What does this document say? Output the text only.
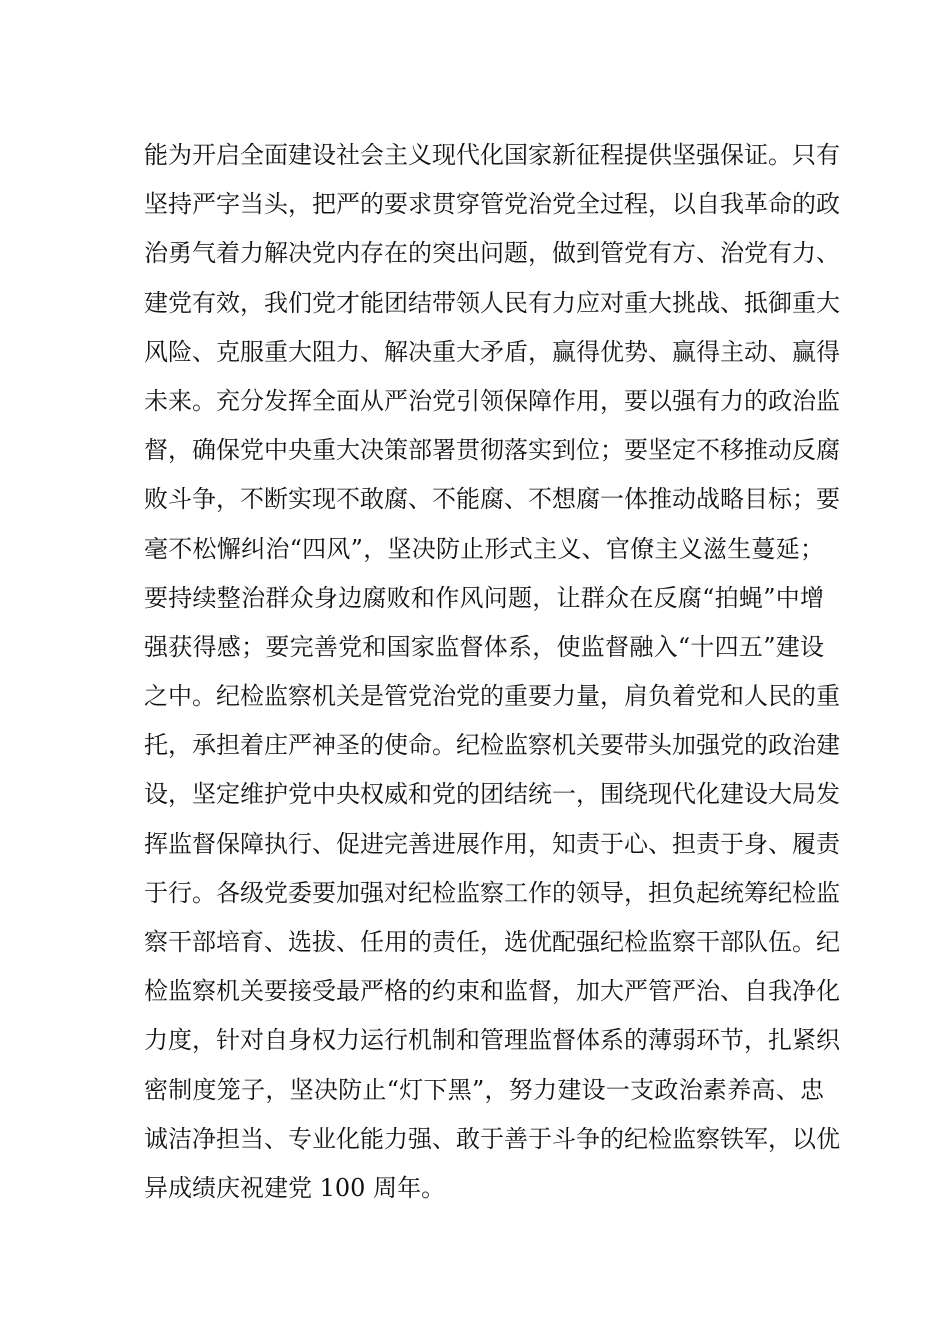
能为开启全面建设社会主义现代化国家新征程提供坚强保证。只有
坚持严字当头，把严的要求贯穿管党治党全过程，以自我革命的政
治勇气着力解决党内存在的突出问题，做到管党有方、治党有力、
建党有效，我们党才能团结带领人民有力应对重大挑战、抵御重大
风险、克服重大阻力、解决重大矛盾，赢得优势、赢得主动、赢得
未来。充分发挥全面从严治党引领保障作用，要以强有力的政治监
督，确保党中央重大决策部署贯彻落实到位；要坚定不移推动反腐
败斗争，不断实现不敢腐、不能腐、不想腐一体推动战略目标；要
毫不松懈纠治“四风”，坚决防止形式主义、官僚主义滋生蔓延；
要持续整治群众身边腐败和作风问题，让群众在反腐“拍蝇”中增
强获得感；要完善党和国家监督体系，使监督融入“十四五”建设
之中。纪检监察机关是管党治党的重要力量，肩负着党和人民的重
托，承担着庄严神圣的使命。纪检监察机关要带头加强党的政治建
设，坚定维护党中央权威和党的团结统一，围绕现代化建设大局发
挥监督保障执行、促进完善进展作用，知责于心、担责于身、履责
于行。各级党委要加强对纪检监察工作的领导，担负起统筹纪检监
察干部培育、选拔、任用的责任，选优配强纪检监察干部队伍。纪
检监察机关要接受最严格的约束和监督，加大严管严治、自我净化
力度，针对自身权力运行机制和管理监督体系的薄弱环节，扎紧织
密制度笼子，坚决防止“灯下黑”，努力建设一支政治素养高、忠
诚洁净担当、专业化能力强、敢于善于斗争的纪检监察铁军，以优
异成绩庆祝建党 100 周年。
